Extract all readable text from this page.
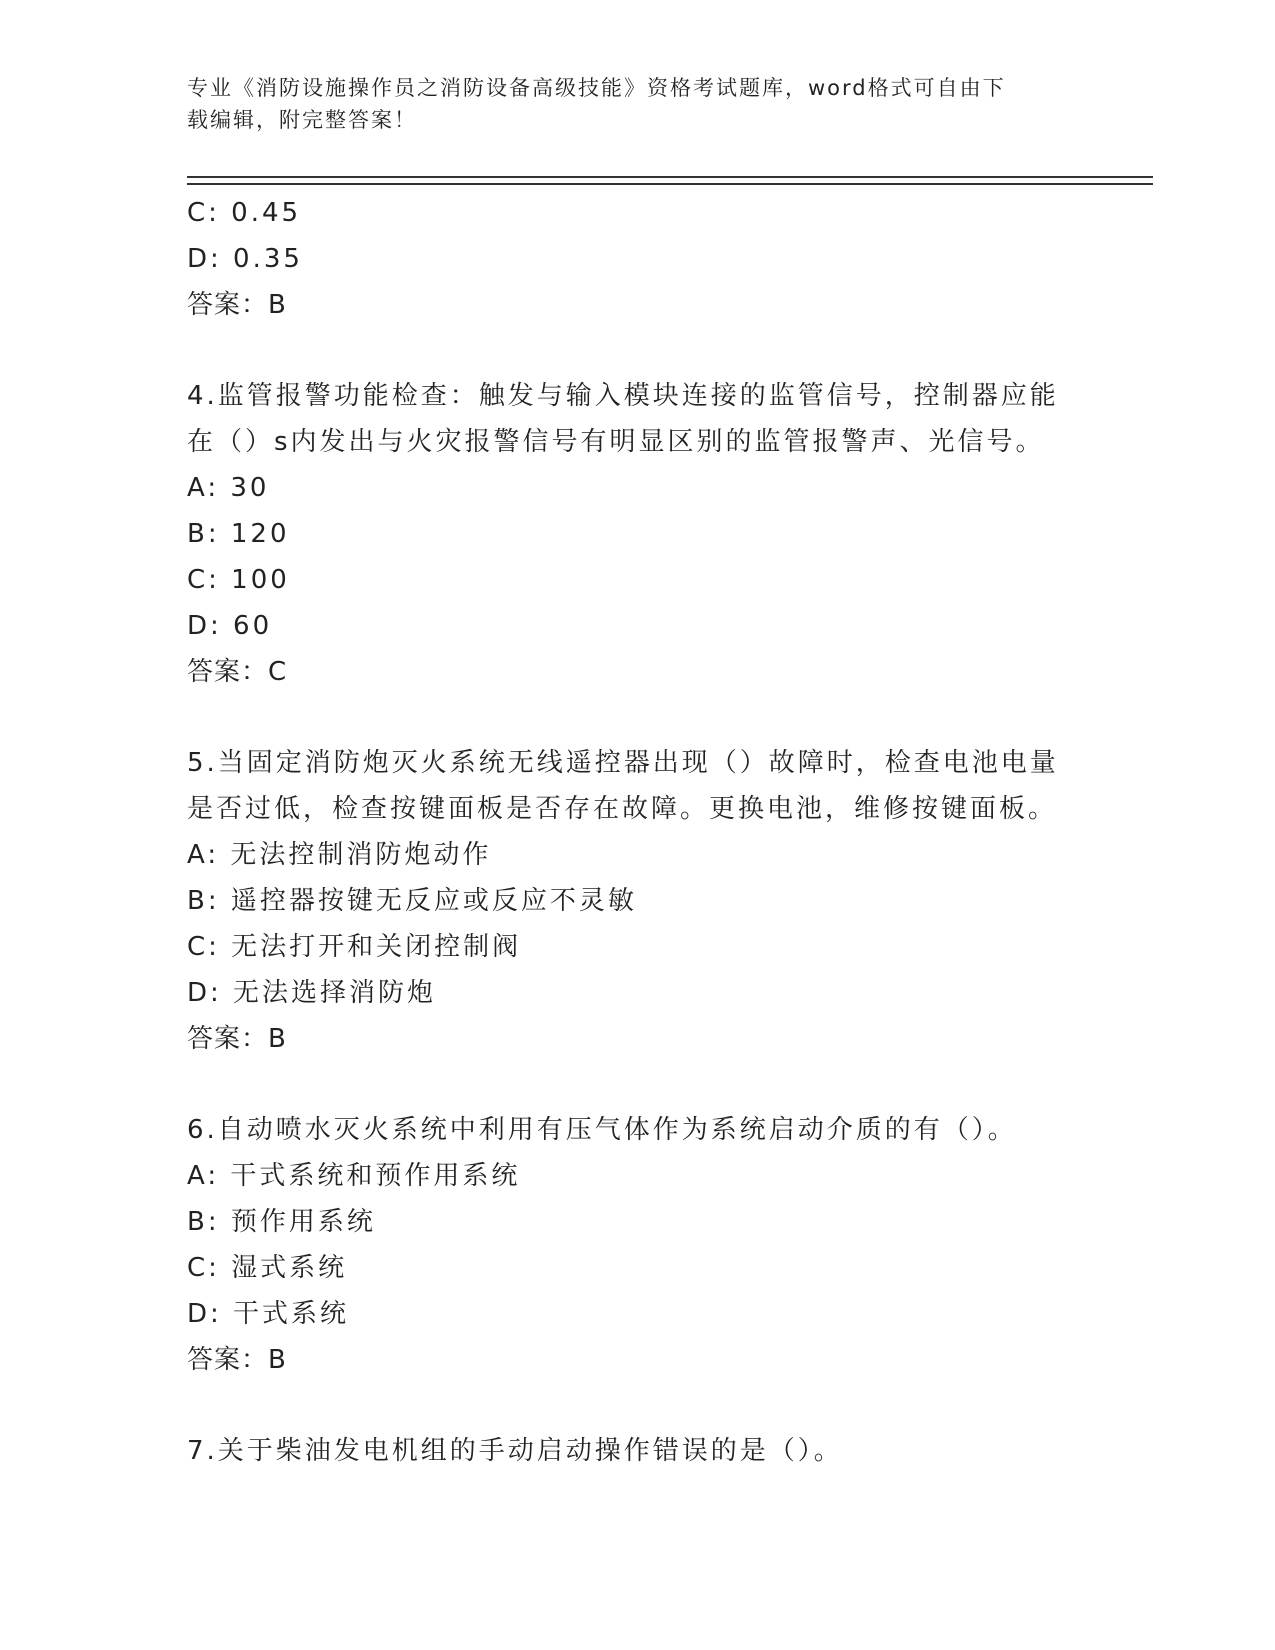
专业《消防设施操作员之消防设备高级技能》资格考试题库，word格式可自由下
载编辑，附完整答案！
C: 0.45
D: 0.35
答案：B
4.监管报警功能检查：触发与输入模块连接的监管信号，控制器应能
在（）s内发出与火灾报警信号有明显区别的监管报警声、光信号。
A: 30
B: 120
C: 100
D: 60
答案：C
5.当固定消防炮灭火系统无线遥控器出现（）故障时，检查电池电量
是否过低，检查按键面板是否存在故障。更换电池，维修按键面板。
A: 无法控制消防炮动作
B: 遥控器按键无反应或反应不灵敏
C: 无法打开和关闭控制阀
D: 无法选择消防炮
答案：B
6.自动喷水灭火系统中利用有压气体作为系统启动介质的有（）。
A: 干式系统和预作用系统
B: 预作用系统
C: 湿式系统
D: 干式系统
答案：B
7.关于柴油发电机组的手动启动操作错误的是（）。
